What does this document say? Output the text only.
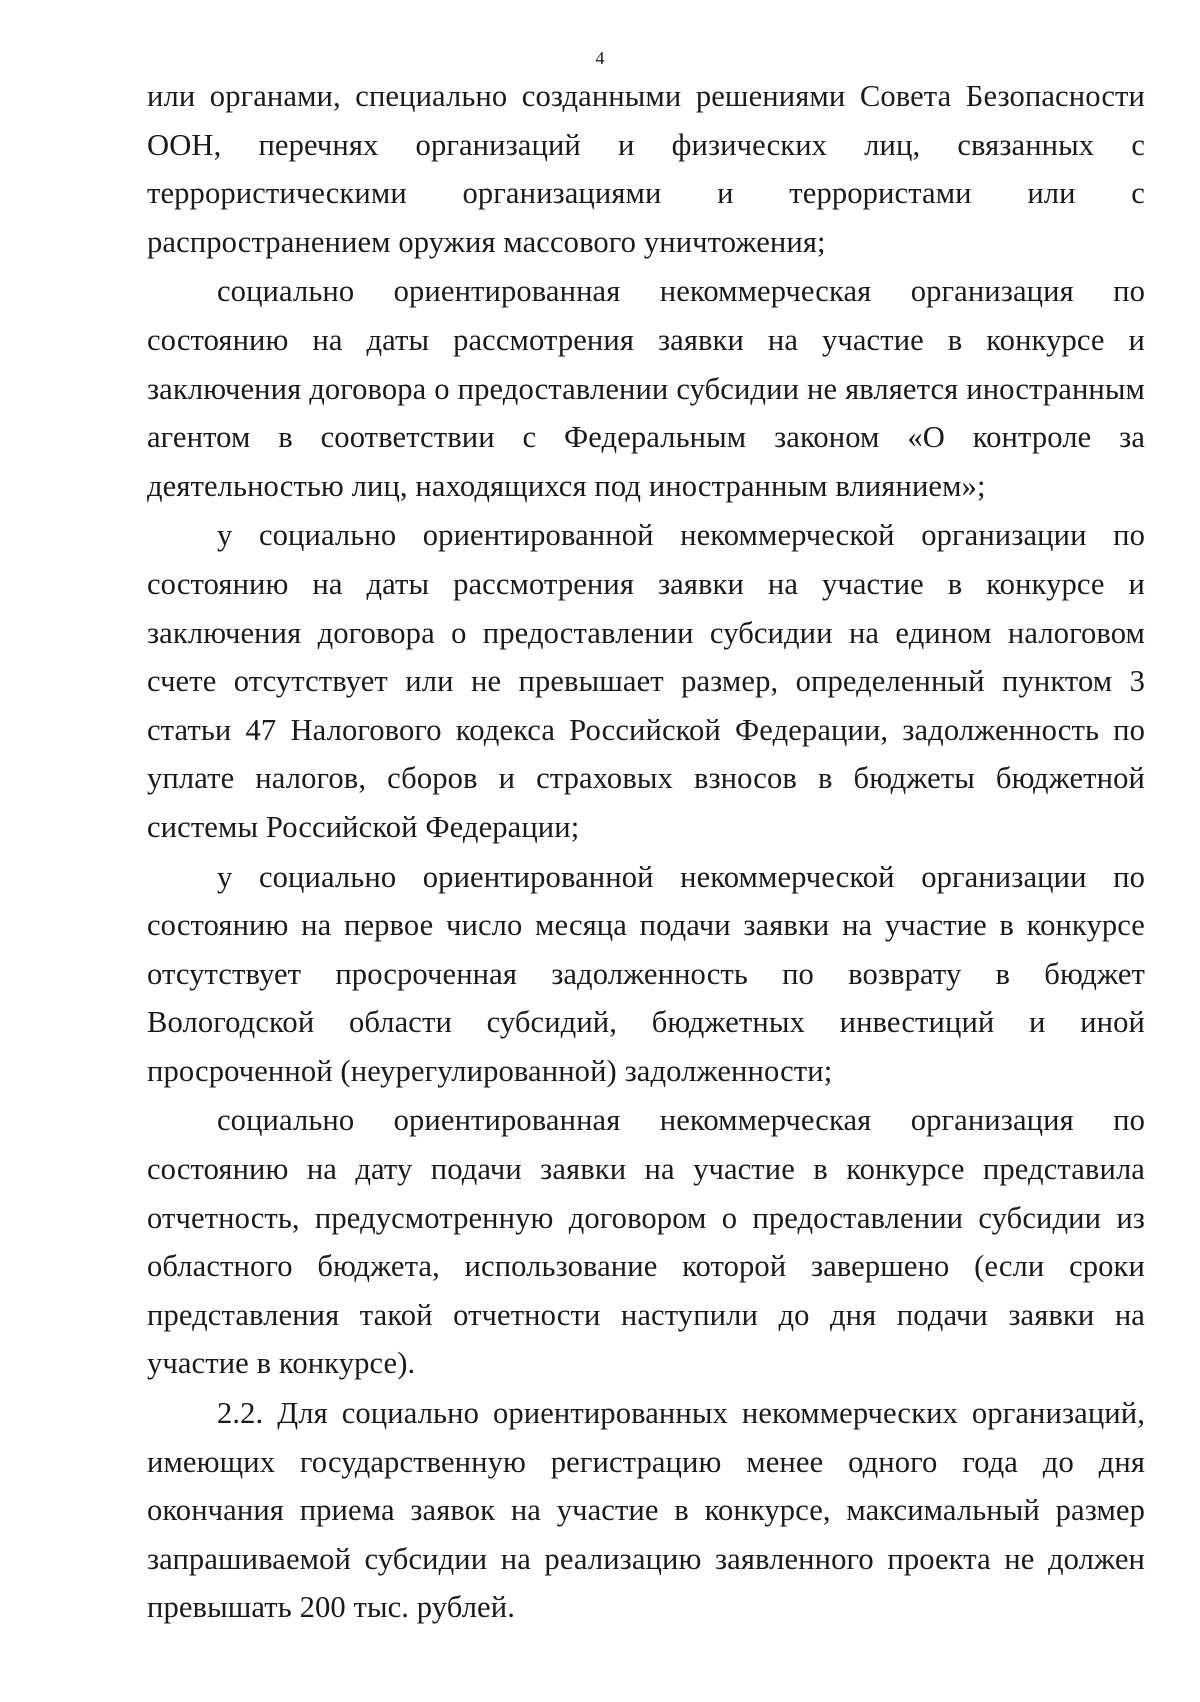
4

или органами, специально созданными решениями Совета Безопасности ООН, перечнях организаций и физических лиц, связанных с террористическими организациями и террористами или с распространением оружия массового уничтожения;

социально ориентированная некоммерческая организация по состоянию на даты рассмотрения заявки на участие в конкурсе и заключения договора о предоставлении субсидии не является иностранным агентом в соответствии с Федеральным законом «О контроле за деятельностью лиц, находящихся под иностранным влиянием»;

у социально ориентированной некоммерческой организации по состоянию на даты рассмотрения заявки на участие в конкурсе и заключения договора о предоставлении субсидии на едином налоговом счете отсутствует или не превышает размер, определенный пунктом 3 статьи 47 Налогового кодекса Российской Федерации, задолженность по уплате налогов, сборов и страховых взносов в бюджеты бюджетной системы Российской Федерации;

у социально ориентированной некоммерческой организации по состоянию на первое число месяца подачи заявки на участие в конкурсе отсутствует просроченная задолженность по возврату в бюджет Вологодской области субсидий, бюджетных инвестиций и иной просроченной (неурегулированной) задолженности;

социально ориентированная некоммерческая организация по состоянию на дату подачи заявки на участие в конкурсе представила отчетность, предусмотренную договором о предоставлении субсидии из областного бюджета, использование которой завершено (если сроки представления такой отчетности наступили до дня подачи заявки на участие в конкурсе).

2.2. Для социально ориентированных некоммерческих организаций, имеющих государственную регистрацию менее одного года до дня окончания приема заявок на участие в конкурсе, максимальный размер запрашиваемой субсидии на реализацию заявленного проекта не должен превышать 200 тыс. рублей.
